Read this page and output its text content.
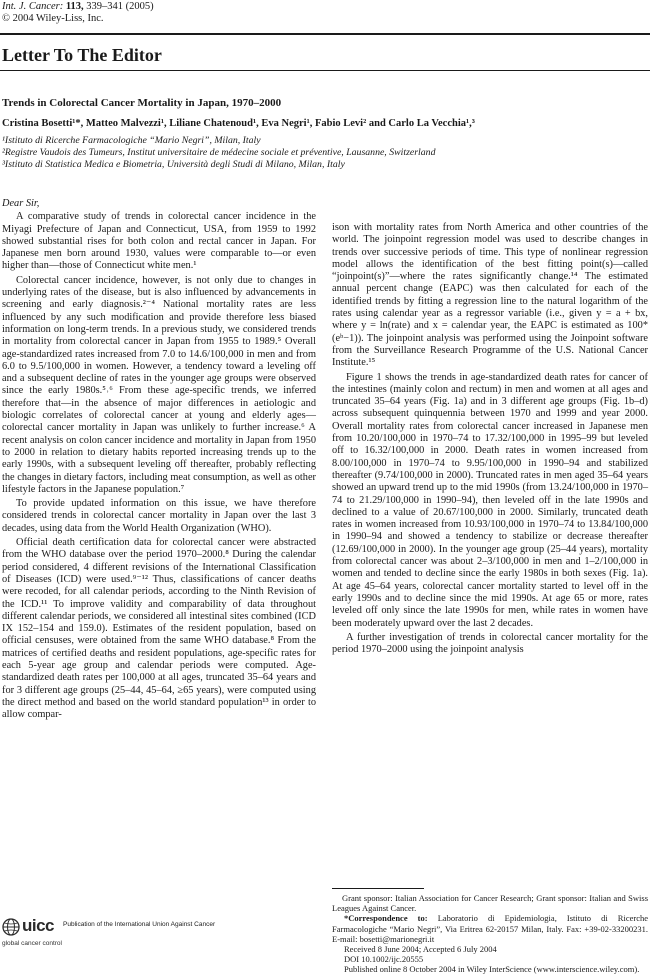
Int. J. Cancer: 113, 339–341 (2005)
© 2004 Wiley-Liss, Inc.
Letter To The Editor
Trends in Colorectal Cancer Mortality in Japan, 1970–2000
Cristina Bosetti¹*, Matteo Malvezzi¹, Liliane Chatenoud¹, Eva Negri¹, Fabio Levi² and Carlo La Vecchia¹,³
¹Istituto di Ricerche Farmacologiche “Mario Negri”, Milan, Italy
²Registre Vaudois des Tumeurs, Institut universitaire de médecine sociale et préventive, Lausanne, Switzerland
³Istituto di Statistica Medica e Biometria, Università degli Studi di Milano, Milan, Italy

Dear Sir,

A comparative study of trends in colorectal cancer incidence in the Miyagi Prefecture of Japan and Connecticut, USA, from 1959 to 1992 showed substantial rises for both colon and rectal cancer in Japan. For Japanese men born around 1930, values were comparable to—or even higher than—those of Connecticut white men.¹

Colorectal cancer incidence, however, is not only due to changes in underlying rates of the disease, but is also influenced by advancements in screening and early diagnosis.²⁻⁴ National mortality rates are less influenced by any such modification and provide therefore less biased information on long-term trends. In a previous study, we considered trends in mortality from colorectal cancer in Japan from 1955 to 1989.⁵ Overall age-standardized rates increased from 7.0 to 14.6/100,000 in men and from 6.0 to 9.5/100,000 in women. However, a tendency toward a leveling off and a subsequent decline of rates in the younger age groups were observed since the early 1980s.⁵˒⁶ From these age-specific trends, we inferred therefore that—in the absence of major differences in aetiologic and biologic correlates of colorectal cancer at young and elderly ages—colorectal cancer mortality in Japan was unlikely to further increase.⁶ A recent analysis on colon cancer incidence and mortality in Japan from 1950 to 2000 in relation to dietary habits reported increasing trends up to the early 1990s, with a subsequent leveling off thereafter, probably reflecting the changes in dietary factors, including meat consumption, as well as other lifestyle factors in the Japanese population.⁷

To provide updated information on this issue, we have therefore considered trends in colorectal cancer mortality in Japan over the last 3 decades, using data from the World Health Organization (WHO).

Official death certification data for colorectal cancer were abstracted from the WHO database over the period 1970–2000.⁸ During the calendar period considered, 4 different revisions of the International Classification of Diseases (ICD) were used.⁹⁻¹² Thus, classifications of cancer deaths were recoded, for all calendar periods, according to the Ninth Revision of the ICD.¹¹ To improve validity and comparability of data throughout different calendar periods, we considered all intestinal sites combined (ICD IX 152–154 and 159.0). Estimates of the resident population, based on official censuses, were obtained from the same WHO database.⁸ From the matrices of certified deaths and resident populations, age-specific rates for each 5-year age group and calendar periods were computed. Age-standardized death rates per 100,000 at all ages, truncated 35–64 years and for 3 different age groups (25–44, 45–64, ≥65 years), were computed using the direct method and based on the world standard population¹³ in order to allow compar-

ison with mortality rates from North America and other countries of the world. The joinpoint regression model was used to describe changes in trends over successive periods of time. This type of nonlinear regression model allows the identification of the best fitting point(s)—called “joinpoint(s)”—where the rates significantly change.¹⁴ The estimated annual percent change (EAPC) was then calculated for each of the identified trends by fitting a regression line to the natural logarithm of the rates using calendar year as a regressor variable (i.e., given y = a + bx, where y = ln(rate) and x = calendar year, the EAPC is estimated as 100*(eᵇ−1)). The joinpoint analysis was performed using the Joinpoint software from the Surveillance Research Programme of the U.S. National Cancer Institute.¹⁵

Figure 1 shows the trends in age-standardized death rates for cancer of the intestines (mainly colon and rectum) in men and women at all ages and truncated 35–64 years (Fig. 1a) and in 3 different age groups (Fig. 1b–d) across subsequent quinquennia between 1970 and 1999 and year 2000. Overall mortality rates from colorectal cancer increased in Japanese men from 10.20/100,000 in 1970–74 to 17.32/100,000 in 1995–99 but leveled off to 16.32/100,000 in 2000. Death rates in women increased from 8.00/100,000 in 1970–74 to 9.95/100,000 in 1990–94 and stabilized thereafter (9.74/100,000 in 2000). Truncated rates in men aged 35–64 years showed an upward trend up to the mid 1990s (from 13.24/100,000 in 1970–74 to 21.29/100,000 in 1990–94), then leveled off in the late 1990s and declined to a value of 20.67/100,000 in 2000. Similarly, truncated death rates in women increased from 10.93/100,000 in 1970–74 to 13.84/100,000 in 1990–94 and showed a tendency to stabilize or decrease thereafter (12.69/100,000 in 2000). In the younger age group (25–44 years), mortality from colorectal cancer was about 2–3/100,000 in men and 1–2/100,000 in women and tended to decline since the early 1980s in both sexes (Fig. 1a). At age 45–64 years, colorectal cancer mortality started to level off in the early 1990s and to decline since the mid 1990s. At age 65 or more, rates leveled off only since the late 1990s for men, while rates in women have been moderately upward over the last 2 decades.

A further investigation of trends in colorectal cancer mortality for the period 1970–2000 using the joinpoint analysis

Grant sponsor: Italian Association for Cancer Research; Grant sponsor: Italian and Swiss Leagues Against Cancer.

*Correspondence to: Laboratorio di Epidemiologia, Istituto di Ricerche Farmacologiche “Mario Negri”, Via Eritrea 62-20157 Milan, Italy. Fax: +39-02-33200231. E-mail: bosetti@marionegri.it

Received 8 June 2004; Accepted 6 July 2004

DOI 10.1002/ijc.20555

Published online 8 October 2004 in Wiley InterScience (www.interscience.wiley.com).

uicc
global cancer control
Publication of the International Union Against Cancer
